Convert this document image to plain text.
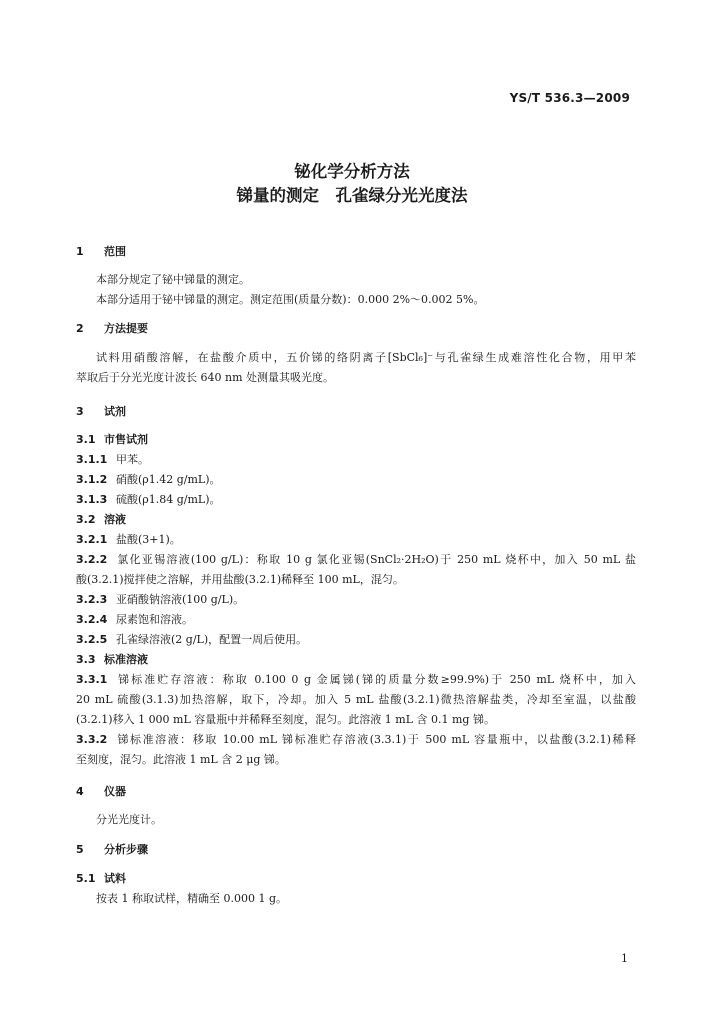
YS/T 536.3—2009
铋化学分析方法
锑量的测定　孔雀绿分光光度法
1 范围
本部分规定了铋中锑量的测定。
本部分适用于铋中锑量的测定。测定范围(质量分数)：0.000 2%～0.002 5%。
2 方法提要
试料用硝酸溶解，在盐酸介质中，五价锑的络阴离子[SbCl₆]⁻与孔雀绿生成难溶性化合物，用甲苯
萃取后于分光光度计波长 640 nm 处测量其吸光度。
3 试剂
3.1 市售试剂
3.1.1 甲苯。
3.1.2 硝酸(ρ1.42 g/mL)。
3.1.3 硫酸(ρ1.84 g/mL)。
3.2 溶液
3.2.1 盐酸(3+1)。
3.2.2 氯化亚锡溶液(100 g/L)：称取 10 g 氯化亚锡(SnCl₂·2H₂O)于 250 mL 烧杯中，加入 50 mL 盐
酸(3.2.1)搅拌使之溶解，并用盐酸(3.2.1)稀释至 100 mL，混匀。
3.2.3 亚硝酸钠溶液(100 g/L)。
3.2.4 尿素饱和溶液。
3.2.5 孔雀绿溶液(2 g/L)，配置一周后使用。
3.3 标准溶液
3.3.1 锑标准贮存溶液：称取 0.100 0 g 金属锑(锑的质量分数≥99.9%)于 250 mL 烧杯中，加入
20 mL 硫酸(3.1.3)加热溶解，取下，冷却。加入 5 mL 盐酸(3.2.1)微热溶解盐类，冷却至室温，以盐酸
(3.2.1)移入 1 000 mL 容量瓶中并稀释至刻度，混匀。此溶液 1 mL 含 0.1 mg 锑。
3.3.2 锑标准溶液：移取 10.00 mL 锑标准贮存溶液(3.3.1)于 500 mL 容量瓶中，以盐酸(3.2.1)稀释
至刻度，混匀。此溶液 1 mL 含 2 μg 锑。
4 仪器
分光光度计。
5 分析步骤
5.1 试料
按表 1 称取试样，精确至 0.000 1 g。
1
